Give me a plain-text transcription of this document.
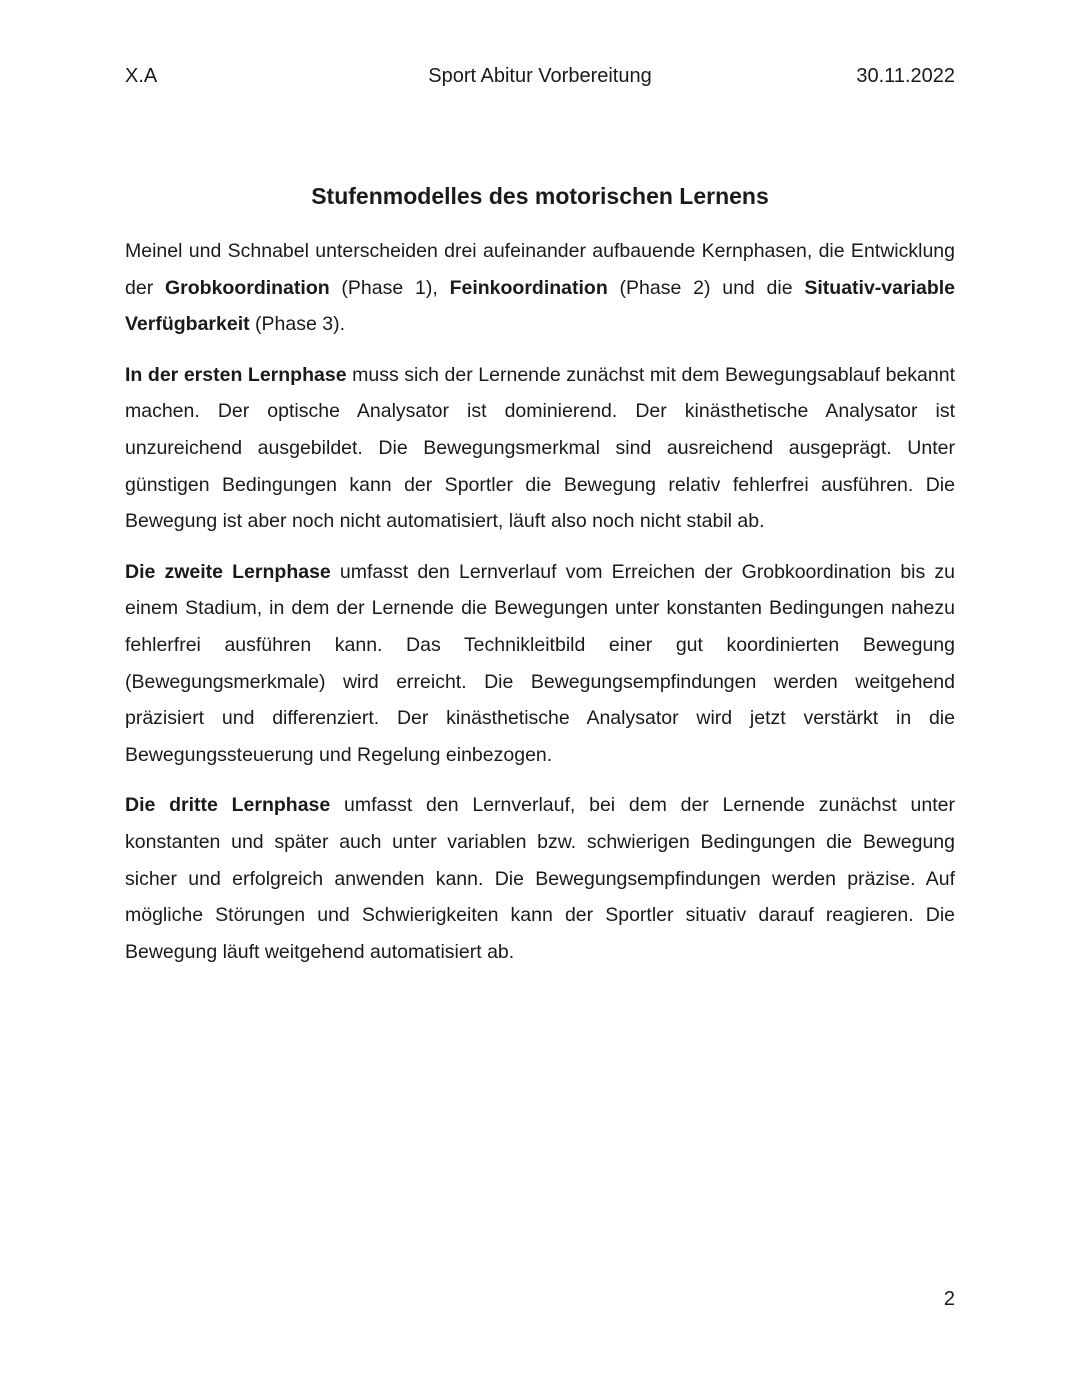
X.A	Sport Abitur Vorbereitung	30.11.2022
Stufenmodelles des motorischen Lernens

Meinel und Schnabel unterscheiden drei aufeinander aufbauende Kernphasen, die Entwicklung der Grobkoordination (Phase 1), Feinkoordination (Phase 2) und die Situativ-variable Verfügbarkeit (Phase 3).

In der ersten Lernphase muss sich der Lernende zunächst mit dem Bewegungsablauf bekannt machen. Der optische Analysator ist dominierend. Der kinästhetische Analysator ist unzureichend ausgebildet. Die Bewegungsmerkmal sind ausreichend ausgeprägt. Unter günstigen Bedingungen kann der Sportler die Bewegung relativ fehlerfrei ausführen. Die Bewegung ist aber noch nicht automatisiert, läuft also noch nicht stabil ab.

Die zweite Lernphase umfasst den Lernverlauf vom Erreichen der Grobkoordination bis zu einem Stadium, in dem der Lernende die Bewegungen unter konstanten Bedingungen nahezu fehlerfrei ausführen kann. Das Technikleitbild einer gut koordinierten Bewegung (Bewegungsmerkmale) wird erreicht. Die Bewegungsempfindungen werden weitgehend präzisiert und differenziert. Der kinästhetische Analysator wird jetzt verstärkt in die Bewegungssteuerung und Regelung einbezogen.

Die dritte Lernphase umfasst den Lernverlauf, bei dem der Lernende zunächst unter konstanten und später auch unter variablen bzw. schwierigen Bedingungen die Bewegung sicher und erfolgreich anwenden kann. Die Bewegungsempfindungen werden präzise. Auf mögliche Störungen und Schwierigkeiten kann der Sportler situativ darauf reagieren. Die Bewegung läuft weitgehend automatisiert ab.

2
